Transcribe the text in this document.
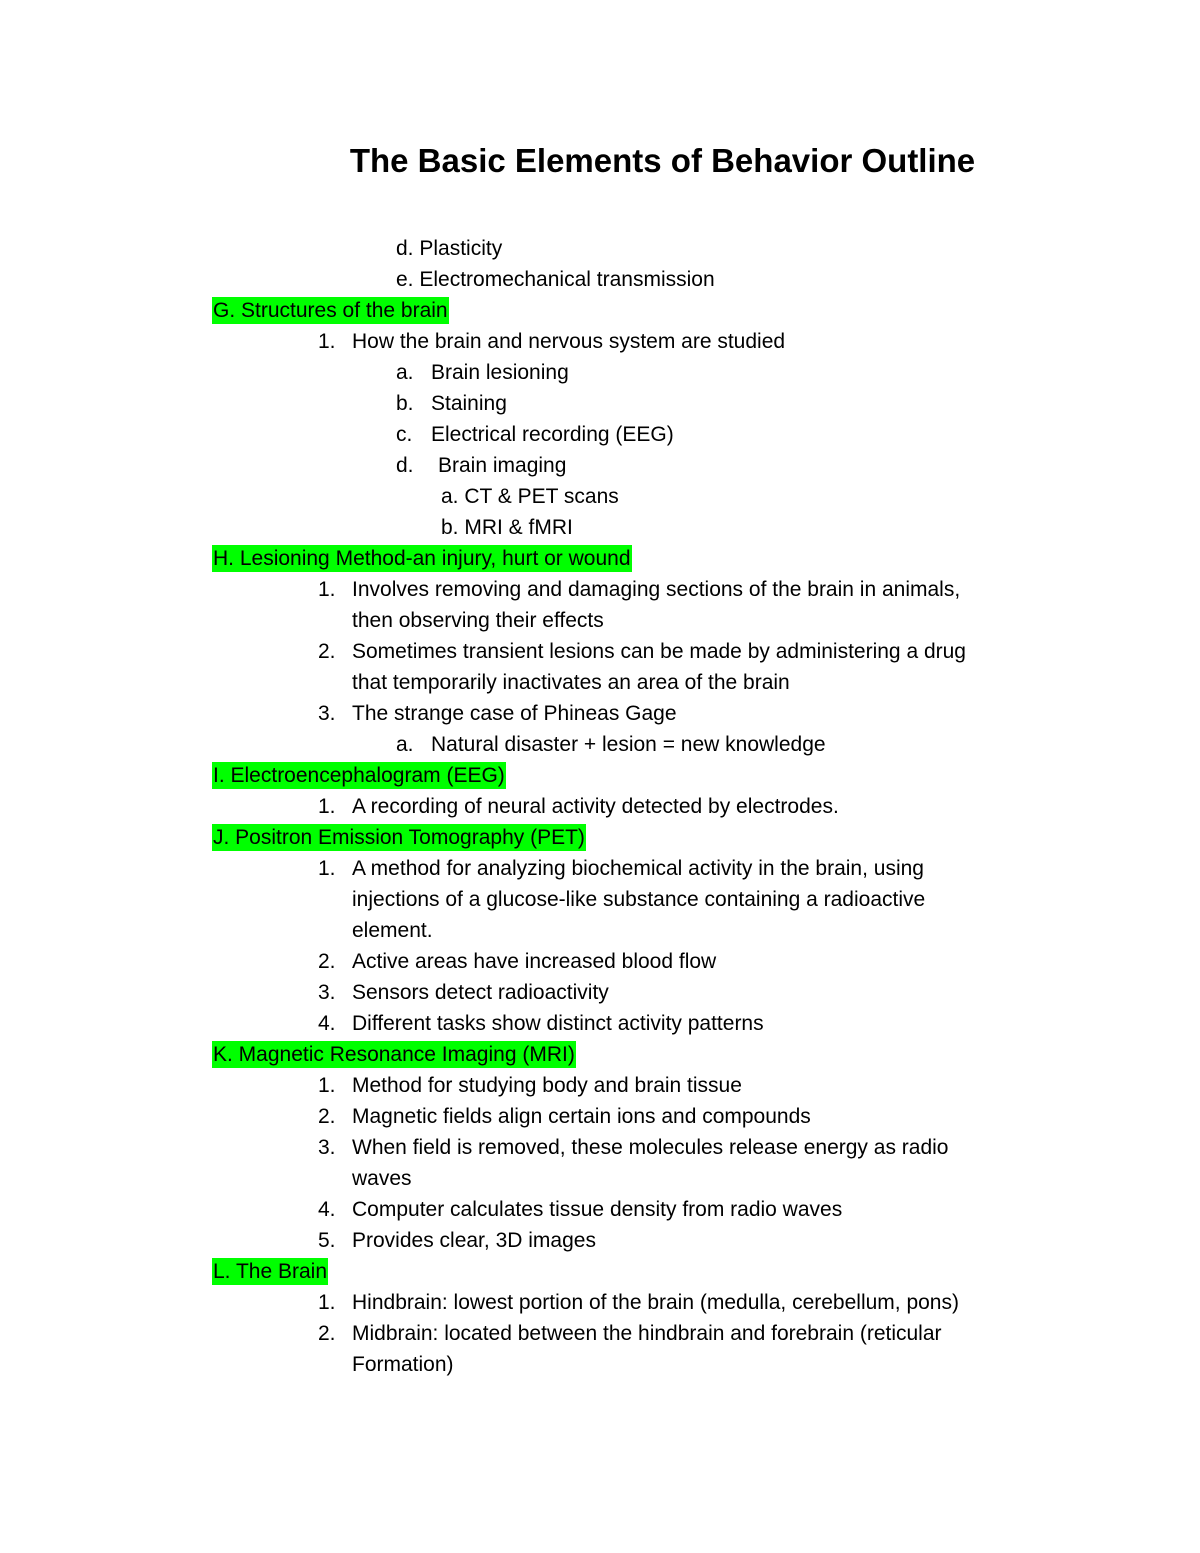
The Basic Elements of Behavior Outline
d. Plasticity
e. Electromechanical transmission
G. Structures of the brain
1. How the brain and nervous system are studied
a. Brain lesioning
b. Staining
c. Electrical recording (EEG)
d. Brain imaging
a. CT & PET scans
b. MRI & fMRI
H. Lesioning Method-an injury, hurt or wound
1. Involves removing and damaging sections of the brain in animals,
then observing their effects
2. Sometimes transient lesions can be made by administering a drug
that temporarily inactivates an area of the brain
3. The strange case of Phineas Gage
a. Natural disaster + lesion = new knowledge
I. Electroencephalogram (EEG)
1. A recording of neural activity detected by electrodes.
J. Positron Emission Tomography (PET)
1. A method for analyzing biochemical activity in the brain, using
injections of a glucose-like substance containing a radioactive
element.
2. Active areas have increased blood flow
3. Sensors detect radioactivity
4. Different tasks show distinct activity patterns
K. Magnetic Resonance Imaging (MRI)
1. Method for studying body and brain tissue
2. Magnetic fields align certain ions and compounds
3. When field is removed, these molecules release energy as radio
waves
4. Computer calculates tissue density from radio waves
5. Provides clear, 3D images
L. The Brain
1. Hindbrain: lowest portion of the brain (medulla, cerebellum, pons)
2. Midbrain: located between the hindbrain and forebrain (reticular
Formation)
